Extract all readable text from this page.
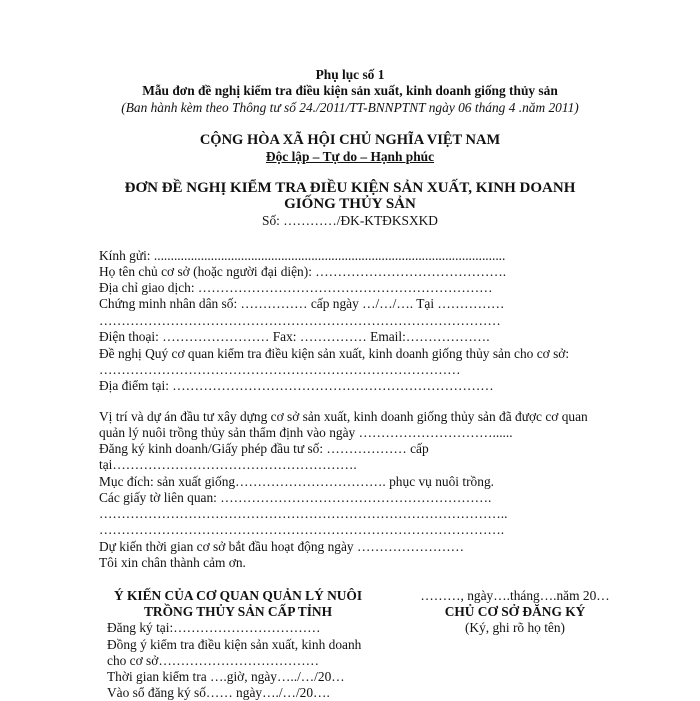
Phụ lục số 1
Mẫu đơn đề nghị kiểm tra điều kiện sản xuất, kinh doanh giống thủy sản
(Ban hành kèm theo Thông tư số 24./2011/TT-BNNPTNT ngày 06 tháng 4 .năm 2011)
CỘNG HÒA XÃ HỘI CHỦ NGHĨA VIỆT NAM
Độc lập – Tự do – Hạnh phúc
ĐƠN ĐỀ NGHỊ KIỂM TRA ĐIỀU KIỆN SẢN XUẤT, KINH DOANH
GIỐNG THỦY SẢN
Số: …………/ĐK-KTĐKSXKD
Kính gửi: .........................................................................................................
Họ tên chủ cơ sở (hoặc người đại diện): …………………………………….
Địa chỉ giao dịch: …………………………………………………………
Chứng minh nhân dân số: …………… cấp ngày …/…/…. Tại ……………
………………………………………………………………………………
Điện thoại: …………………… Fax: …………… Email:……………….
Đề nghị Quý cơ quan kiểm tra điều kiện sản xuất, kinh doanh giống thủy sản cho cơ sở:
………………………………………………………………………
Địa điểm tại: ………………………………………………………………
Vị trí và dự án đầu tư xây dựng cơ sở sản xuất, kinh doanh giống thủy sản đã được cơ quan
quản lý nuôi trồng thủy sản thẩm định vào ngày …………………………......
Đăng ký kinh doanh/Giấy phép đầu tư số: ……………… cấp
tại……………………………………………….
Mục đích: sản xuất giống……………………………. phục vụ nuôi trồng.
Các giấy tờ liên quan: …………………………………………………….
………………………………………………………………………………..
……………………………………………………………………………….
Dự kiến thời gian cơ sở bắt đầu hoạt động ngày ……………………
Tôi xin chân thành cảm ơn.
Ý KIẾN CỦA CƠ QUAN QUẢN LÝ NUÔI
TRỒNG THỦY SẢN CẤP TỈNH
Đăng ký tại:……………………………
Đồng ý kiểm tra điều kiện sản xuất, kinh doanh
cho cơ sở………………………………
Thời gian kiểm tra ….giờ, ngày…../…/20…
Vào sổ đăng ký số…… ngày…./…/20….
………, ngày….tháng….năm 20…
CHỦ CƠ SỞ ĐĂNG KÝ
(Ký, ghi rõ họ tên)
